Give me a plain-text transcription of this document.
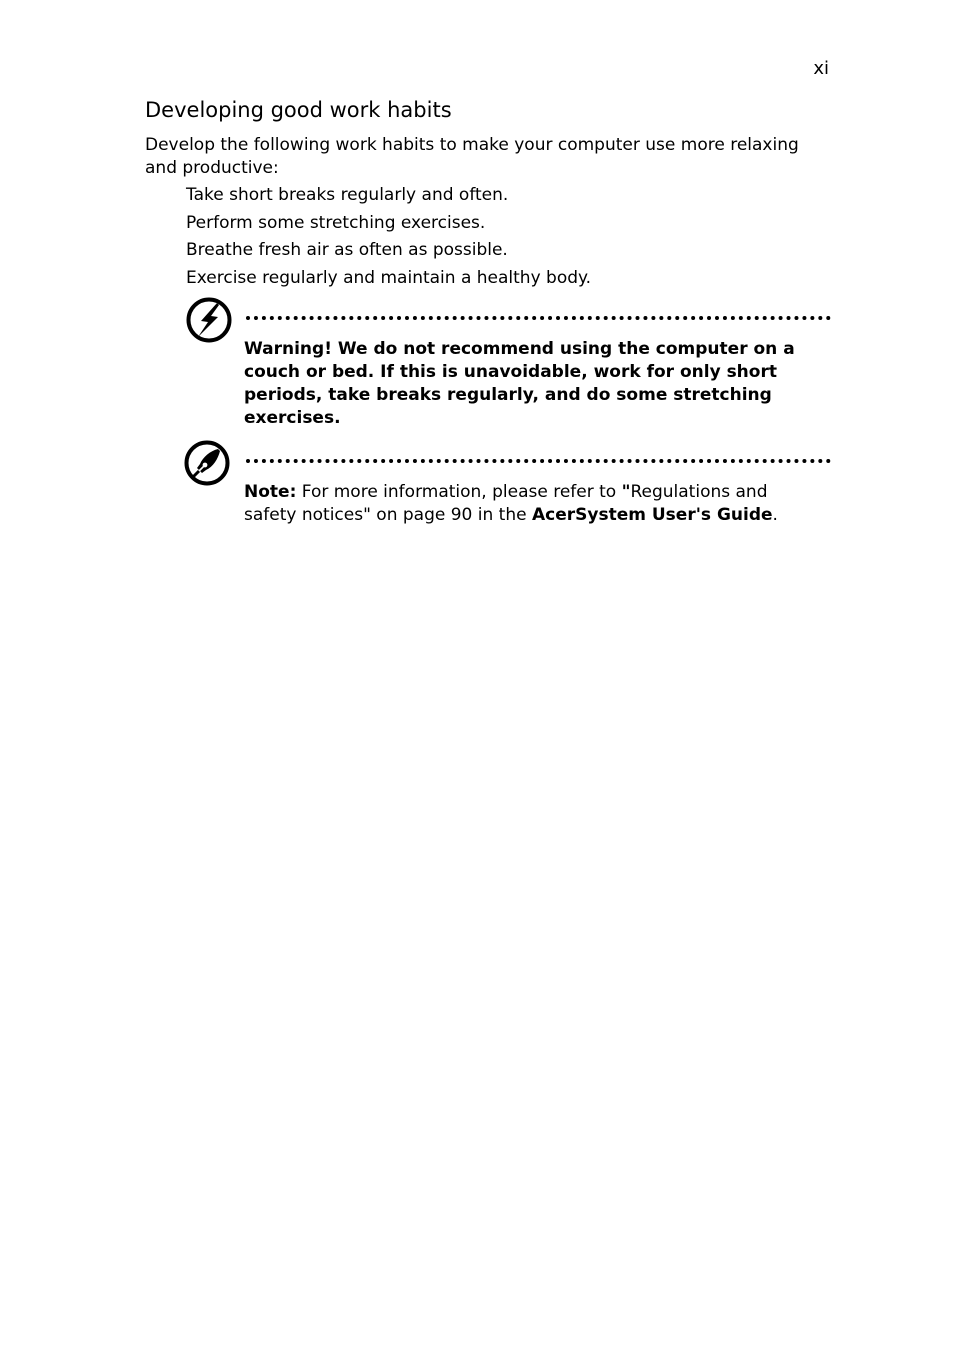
xi
Developing good work habits

Develop the following work habits to make your computer use more relaxing and productive:

Take short breaks regularly and often.
Perform some stretching exercises.
Breathe fresh air as often as possible.
Exercise regularly and maintain a healthy body.

Warning! We do not recommend using the computer on a couch or bed. If this is unavoidable, work for only short periods, take breaks regularly, and do some stretching exercises.

Note: For more information, please refer to "Regulations and safety notices" on page 90 in the AcerSystem User's Guide.
